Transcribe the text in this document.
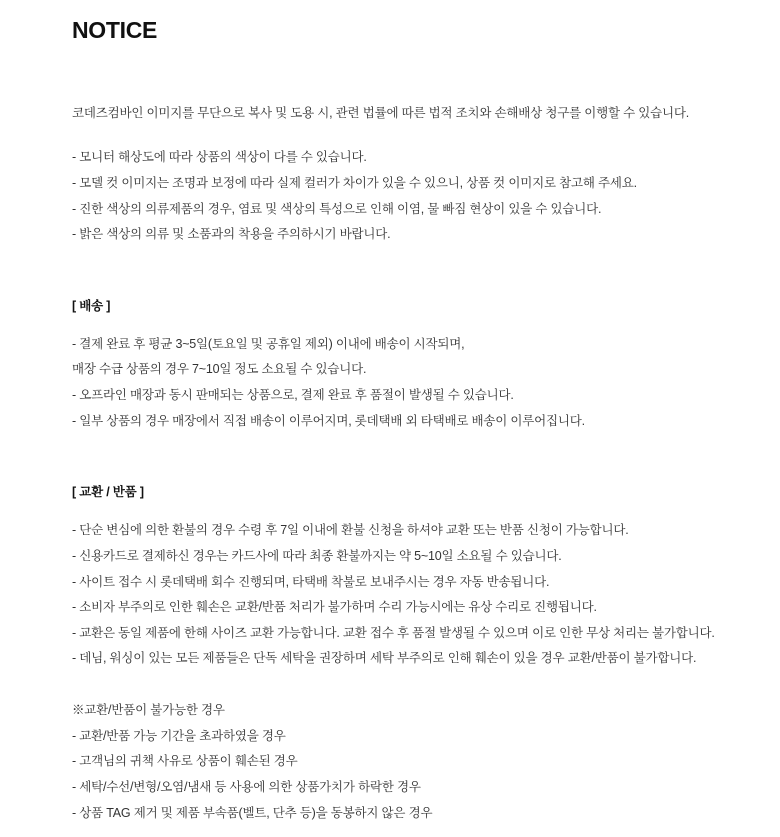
NOTICE
코데즈컴바인 이미지를 무단으로 복사 및 도용 시, 관련 법률에 따른 법적 조치와 손해배상 청구를 이행할 수 있습니다.

- 모니터 해상도에 따라 상품의 색상이 다를 수 있습니다.

- 모델 컷 이미지는 조명과 보정에 따라 실제 컬러가 차이가 있을 수 있으니, 상품 컷 이미지로 참고해 주세요.

- 진한 색상의 의류제품의 경우, 염료 및 색상의 특성으로 인해 이염, 물 빠짐 현상이 있을 수 있습니다.

- 밝은 색상의 의류 및 소품과의 착용을 주의하시기 바랍니다.

[ 배송 ]

- 결제 완료 후 평균 3~5일(토요일 및 공휴일 제외) 이내에 배송이 시작되며,

매장 수급 상품의 경우 7~10일 정도 소요될 수 있습니다.

- 오프라인 매장과 동시 판매되는 상품으로, 결제 완료 후 품절이 발생될 수 있습니다.

- 일부 상품의 경우 매장에서 직접 배송이 이루어지며, 롯데택배 외 타택배로 배송이 이루어집니다.

[ 교환 / 반품 ]

- 단순 변심에 의한 환불의 경우 수령 후 7일 이내에 환불 신청을 하셔야 교환 또는 반품 신청이 가능합니다.

- 신용카드로 결제하신 경우는 카드사에 따라 최종 환불까지는 약 5~10일 소요될 수 있습니다.

- 사이트 접수 시 롯데택배 회수 진행되며, 타택배 착불로 보내주시는 경우 자동 반송됩니다.

- 소비자 부주의로 인한 훼손은 교환/반품 처리가 불가하며 수리 가능시에는 유상 수리로 진행됩니다.

- 교환은 동일 제품에 한해 사이즈 교환 가능합니다. 교환 접수 후 품절 발생될 수 있으며 이로 인한 무상 처리는 불가합니다.

- 데님, 워싱이 있는 모든 제품들은 단독 세탁을 권장하며 세탁 부주의로 인해 훼손이 있을 경우 교환/반품이 불가합니다.

※교환/반품이 불가능한 경우

- 교환/반품 가능 기간을 초과하였을 경우

- 고객님의 귀책 사유로 상품이 훼손된 경우

- 세탁/수선/변형/오염/냄새 등 사용에 의한 상품가치가 하락한 경우

- 상품 TAG 제거 및 제품 부속품(벨트, 단추 등)을 동봉하지 않은 경우
